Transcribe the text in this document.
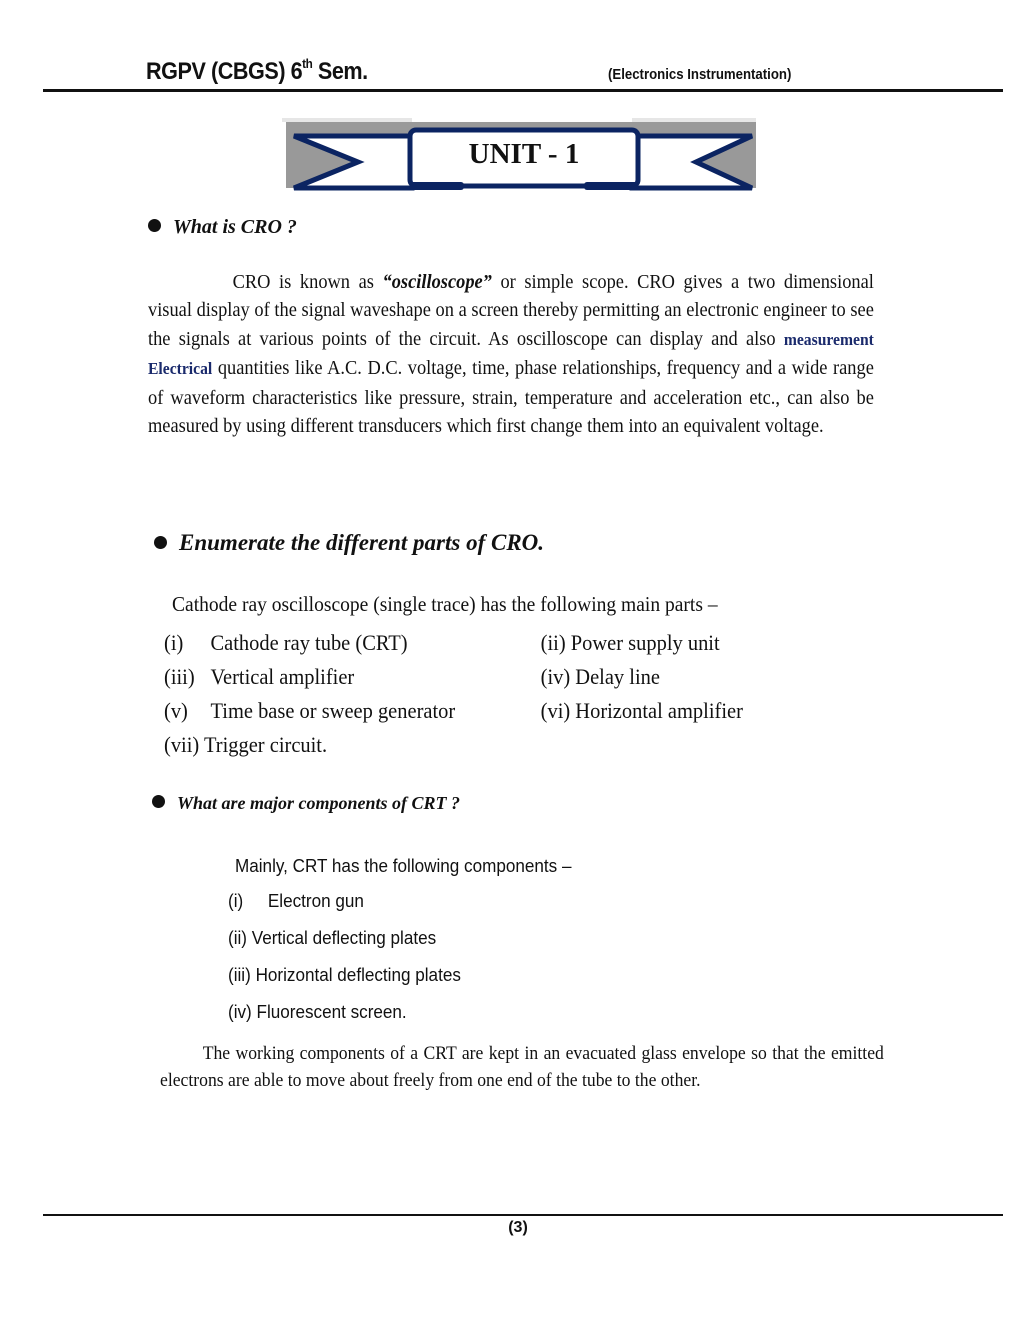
RGPV (CBGS) 6th Sem.	(Electronics Instrumentation)
UNIT - 1
What is CRO ?
CRO is known as “oscilloscope” or simple scope. CRO gives a two dimensional visual display of the signal waveshape on a screen thereby permitting an electronic engineer to see the signals at various points of the circuit. As oscilloscope can display and also measurement Electrical quantities like A.C. D.C. voltage, time, phase relationships, frequency and a wide range of waveform characteristics like pressure, strain, temperature and acceleration etc., can also be measured by using different transducers which first change them into an equivalent voltage.
Enumerate the different parts of CRO.
Cathode ray oscilloscope (single trace) has the following main parts –
(i) Cathode ray tube (CRT)	(ii) Power supply unit
(iii) Vertical amplifier	(iv) Delay line
(v) Time base or sweep generator	(vi) Horizontal amplifier
(vii) Trigger circuit.
What are major components of CRT ?
Mainly, CRT has the following components –
(i) Electron gun
(ii) Vertical deflecting plates
(iii) Horizontal deflecting plates
(iv) Fluorescent screen.
The working components of a CRT are kept in an evacuated glass envelope so that the emitted electrons are able to move about freely from one end of the tube to the other.
(3)
